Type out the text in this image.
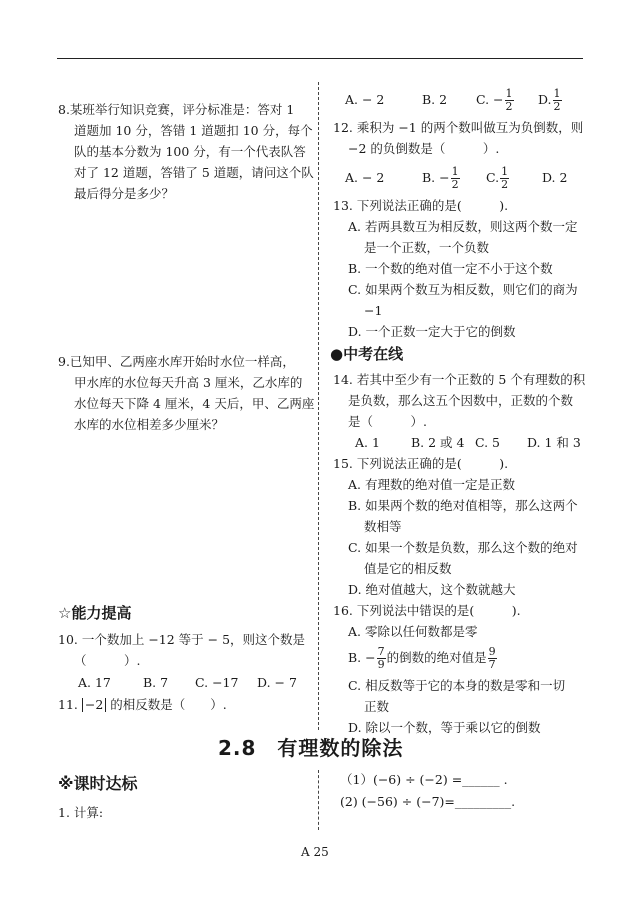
8.某班举行知识竞赛，评分标准是：答对 1
道题加 10 分，答错 1 道题扣 10 分，每个
队的基本分数为 100 分，有一个代表队答
对了 12 道题，答错了 5 道题，请问这个队
最后得分是多少？
9.已知甲、乙两座水库开始时水位一样高，
甲水库的水位每天升高 3 厘米，乙水库的
水位每天下降 4 厘米，4 天后，甲、乙两座
水库的水位相差多少厘米？
☆能力提高
10. 一个数加上 −12 等于 − 5，则这个数是
（　　　）.
A. 17	B. 7 C. −17 D. − 7
11. −2 的相反数是（　　）.
A. − 2	B. 2 C. − $\frac{1}{2} D$. $\frac{1}{2}$
12. 乘积为 −1 的两个数叫做互为负倒数，则
−2 的负倒数是（　　　）.
A. − 2	B. − $\frac{1}{2} C$. $\frac{1}{2}$	D. 2
13. 下列说法正确的是(　　　).
A. 若两具数互为相反数，则这两个数一定
是一个正数，一个负数
B. 一个数的绝对值一定不小于这个数
C. 如果两个数互为相反数，则它们的商为
−1
D. 一个正数一定大于它的倒数
●中考在线
14. 若其中至少有一个正数的 5 个有理数的积
是负数，那么这五个因数中，正数的个数
是（　　　）.
A. 1 B. 2 或 4 C. 5 D. 1 和 3
15. 下列说法正确的是(　　　).
A. 有理数的绝对值一定是正数
B. 如果两个数的绝对值相等，那么这两个
数相等
C. 如果一个数是负数，那么这个数的绝对
值是它的相反数
D. 绝对值越大，这个数就越大
16. 下列说法中错误的是(　　　).
A. 零除以任何数都是零
B. − $\frac{7}{9}$ 的倒数的绝对值是 $\frac{9}{7}$
C. 相反数等于它的本身的数是零和一切
正数
D. 除以一个数，等于乘以它的倒数
2.8　有理数的除法
※课时达标
1. 计算:
（1）(−6) ÷ (−2) =______ .
(2) (−56) ÷ (−7)=_________.
A 25
